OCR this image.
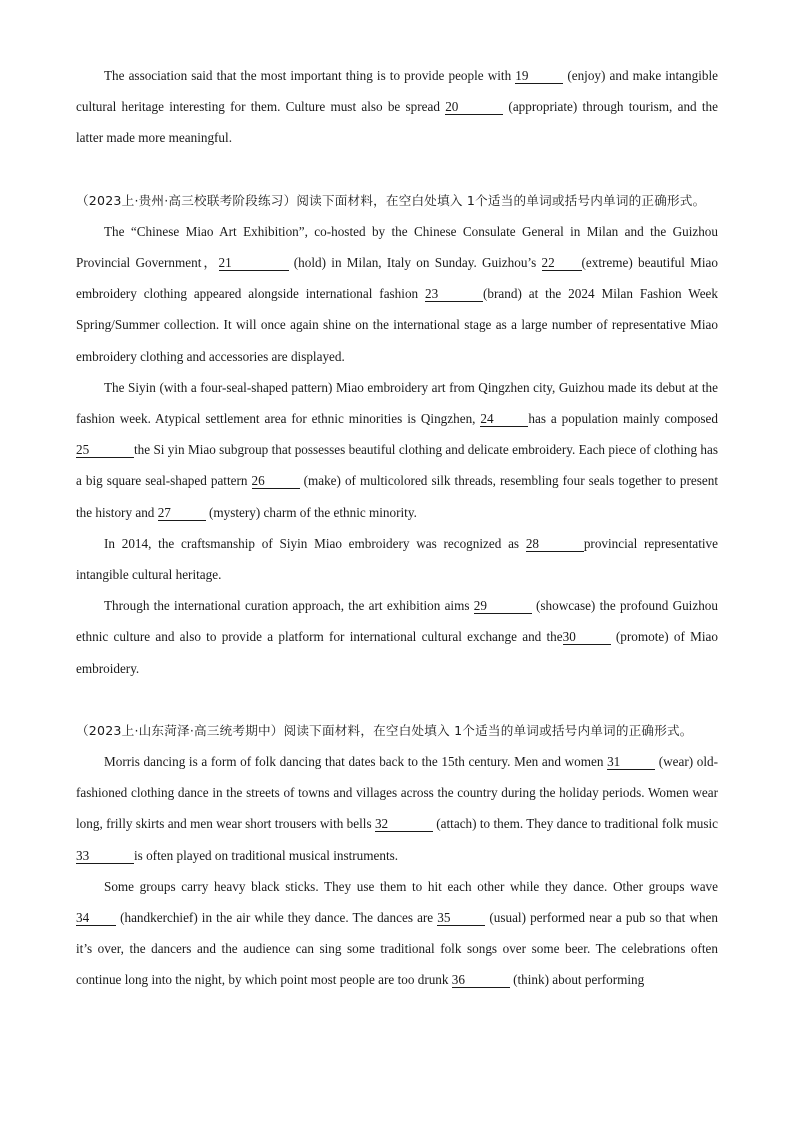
The association said that the most important thing is to provide people with 19	(enjoy) and make intangible cultural heritage interesting for them. Culture must also be spread 20	(appropriate) through tourism, and the latter made more meaningful.

（2023上·贵州·高三校联考阶段练习）阅读下面材料，在空白处填入 1个适当的单词或括号内单词的正确形式。

The “Chinese Miao Art Exhibition”, co-hosted by the Chinese Consulate General in Milan and the Guizhou Provincial Government，21	(hold) in Milan, Italy on Sunday. Guizhou’s 22 (extreme) beautiful Miao embroidery clothing appeared alongside international fashion 23	(brand) at the 2024 Milan Fashion Week Spring/Summer collection. It will once again shine on the international stage as a large number of representative Miao embroidery clothing and accessories are displayed.

The Siyin (with a four-seal-shaped pattern) Miao embroidery art from Qingzhen city, Guizhou made its debut at the fashion week. Atypical settlement area for ethnic minorities is Qingzhen, 24	has a population mainly composed 25	the Si yin Miao subgroup that possesses beautiful clothing and delicate embroidery. Each piece of clothing has a big square seal-shaped pattern 26	(make) of multicolored silk threads, resembling four seals together to present the history and 27	(mystery) charm of the ethnic minority.

In 2014, the craftsmanship of Siyin Miao embroidery was recognized as 28	provincial representative intangible cultural heritage.

Through the international curation approach, the art exhibition aims 29	(showcase) the profound Guizhou ethnic culture and also to provide a platform for international cultural exchange and the30	(promote) of Miao embroidery.

（2023上·山东菏泽·高三统考期中）阅读下面材料，在空白处填入 1个适当的单词或括号内单词的正确形式。

Morris dancing is a form of folk dancing that dates back to the 15th century. Men and women 31	(wear) old-fashioned clothing dance in the streets of towns and villages across the country during the holiday periods. Women wear long, frilly skirts and men wear short trousers with bells 32	(attach) to them. They dance to traditional folk music 33	is often played on traditional musical instruments.

Some groups carry heavy black sticks. They use them to hit each other while they dance. Other groups wave 34 (handkerchief) in the air while they dance. The dances are 35	(usual) performed near a pub so that when it’s over, the dancers and the audience can sing some traditional folk songs over some beer. The celebrations often continue long into the night, by which point most people are too drunk 36	(think) about performing
